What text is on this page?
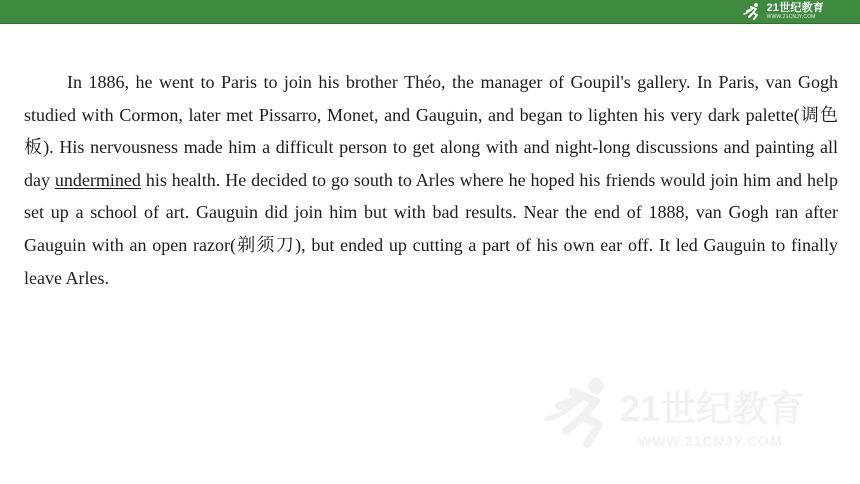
21世纪教育
WWW.21CNJY.COM

In 1886, he went to Paris to join his brother Théo, the manager of Goupil's gallery. In Paris, van Gogh studied with Cormon, later met Pissarro, Monet, and Gauguin, and began to lighten his very dark palette(调色板). His nervousness made him a difficult person to get along with and night-long discussions and painting all day undermined his health. He decided to go south to Arles where he hoped his friends would join him and help set up a school of art. Gauguin did join him but with bad results. Near the end of 1888, van Gogh ran after Gauguin with an open razor(剃须刀), but ended up cutting a part of his own ear off. It led Gauguin to finally leave Arles.

21世纪教育
WWW.21CNJY.COM
